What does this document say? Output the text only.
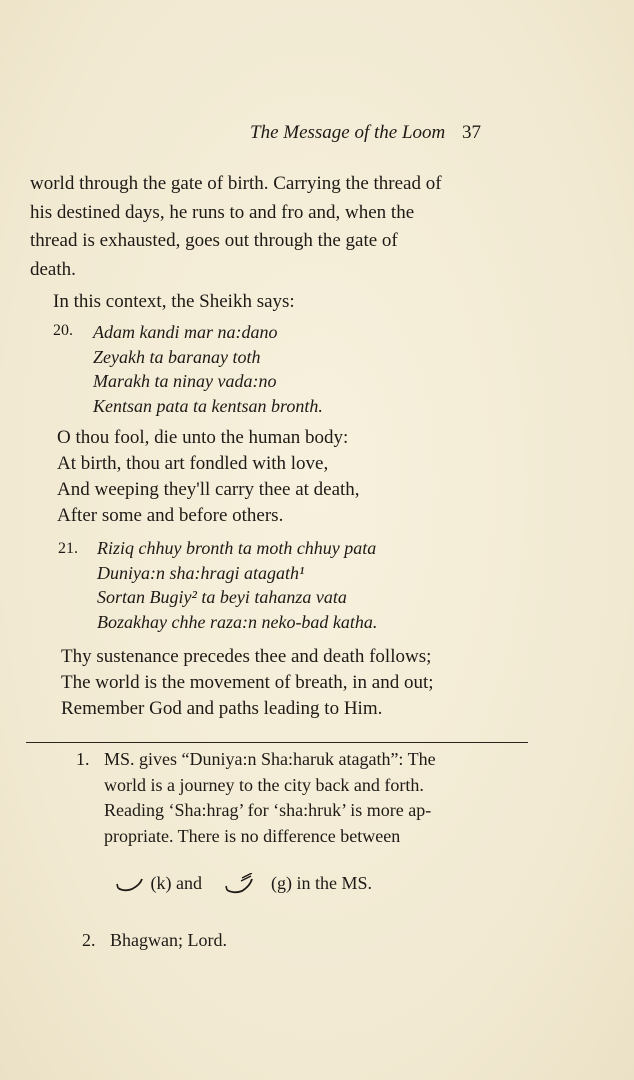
The Message of the Loom 37

world through the gate of birth. Carrying the thread of

his destined days, he runs to and fro and, when the

thread is exhausted, goes out through the gate of

death.

In this context, the Sheikh says:
20. Adam kandi mar na:dano
Zeyakh ta baranay toth
Marakh ta ninay vada:no
Kentsan pata ta kentsan bronth.
O thou fool, die unto the human body:
At birth, thou art fondled with love,
And weeping they'll carry thee at death,
After some and before others.
21. Riziq chhuy bronth ta moth chhuy pata
Duniya:n sha:hragi atagath¹
Sortan Bugiy² ta beyi tahanza vata
Bozakhay chhe raza:n neko-bad katha.
Thy sustenance precedes thee and death follows;
The world is the movement of breath, in and out;
Remember God and paths leading to Him.
1. MS. gives “Duniya:n Sha:haruk atagath”: The
world is a journey to the city back and forth.
Reading ‘Sha:hrag’ for ‘sha:hruk’ is more ap-
propriate. There is no difference between
(k) and	(g) in the MS.
2. Bhagwan; Lord.
